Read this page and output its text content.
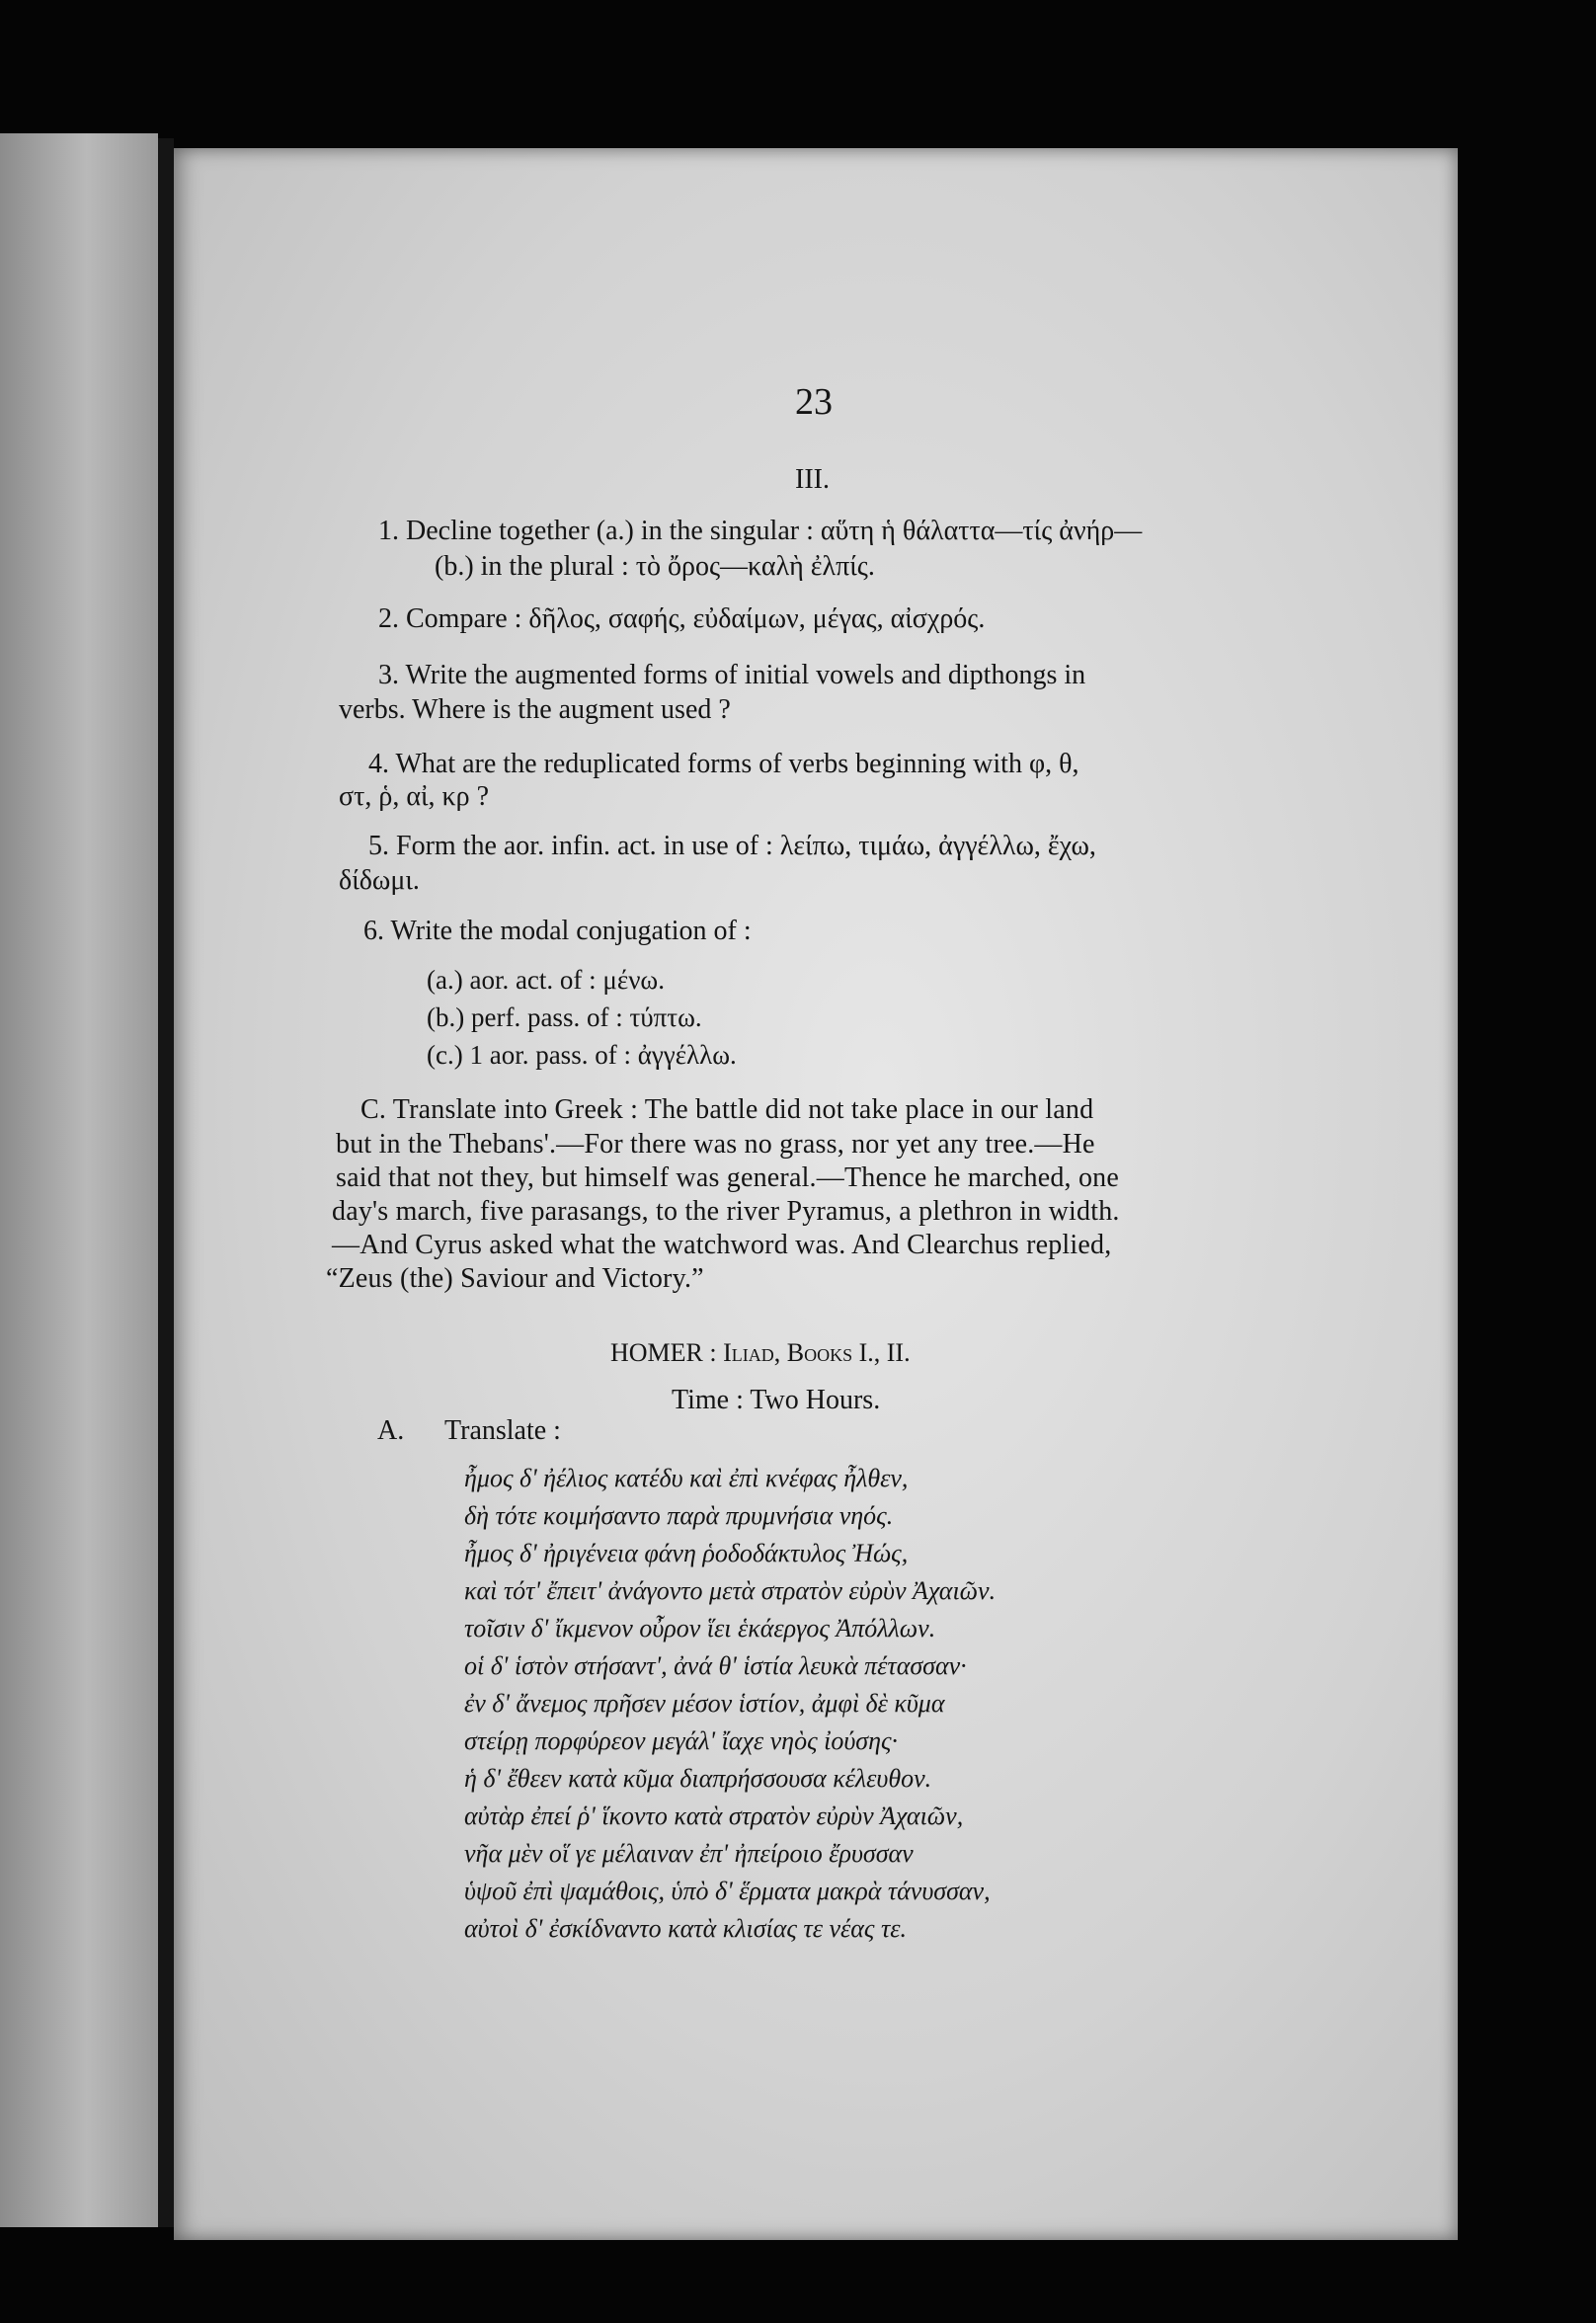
23
III.
1. Decline together (a.) in the singular : αὕτη ἡ θάλαττα—τίς ἀνήρ—
(b.) in the plural : τὸ ὄρος—καλὴ ἐλπίς.
2. Compare : δῆλος, σαφής, εὐδαίμων, μέγας, αἰσχρός.
3. Write the augmented forms of initial vowels and dipthongs in
verbs. Where is the augment used ?
4. What are the reduplicated forms of verbs beginning with φ, θ,
στ, ῥ, αἰ, κρ ?
5. Form the aor. infin. act. in use of : λείπω, τιμάω, ἀγγέλλω, ἔχω,
δίδωμι.
6. Write the modal conjugation of :
(a.) aor. act. of : μένω.
(b.) perf. pass. of : τύπτω.
(c.) 1 aor. pass. of : ἀγγέλλω.
C. Translate into Greek : The battle did not take place in our land
but in the Thebans'.—For there was no grass, nor yet any tree.—He
said that not they, but himself was general.—Thence he marched, one
day's march, five parasangs, to the river Pyramus, a plethron in width.
—And Cyrus asked what the watchword was. And Clearchus replied,
“Zeus (the) Saviour and Victory.”
HOMER : Iliad, Books I., II.
Time : Two Hours.
A. Translate :
ἦμος δ' ἠέλιος κατέδυ καὶ ἐπὶ κνέφας ἦλθεν,
δὴ τότε κοιμήσαντο παρὰ πρυμνήσια νηός.
ἦμος δ' ἠριγένεια φάνη ῥοδοδάκτυλος Ἠώς,
καὶ τότ' ἔπειτ' ἀνάγοντο μετὰ στρατὸν εὐρὺν Ἀχαιῶν.
τοῖσιν δ' ἴκμενον οὖρον ἵει ἑκάεργος Ἀπόλλων.
οἱ δ' ἱστὸν στήσαντ', ἀνά θ' ἱστία λευκὰ πέτασσαν·
ἐν δ' ἄνεμος πρῆσεν μέσον ἱστίον, ἀμφὶ δὲ κῦμα
στείρῃ πορφύρεον μεγάλ' ἴαχε νηὸς ἰούσης·
ἡ δ' ἔθεεν κατὰ κῦμα διαπρήσσουσα κέλευθον.
αὐτὰρ ἐπεί ῥ' ἵκοντο κατὰ στρατὸν εὐρὺν Ἀχαιῶν,
νῆα μὲν οἵ γε μέλαιναν ἐπ' ἠπείροιο ἔρυσσαν
ὑψοῦ ἐπὶ ψαμάθοις, ὑπὸ δ' ἕρματα μακρὰ τάνυσσαν,
αὐτοὶ δ' ἐσκίδναντο κατὰ κλισίας τε νέας τε.
